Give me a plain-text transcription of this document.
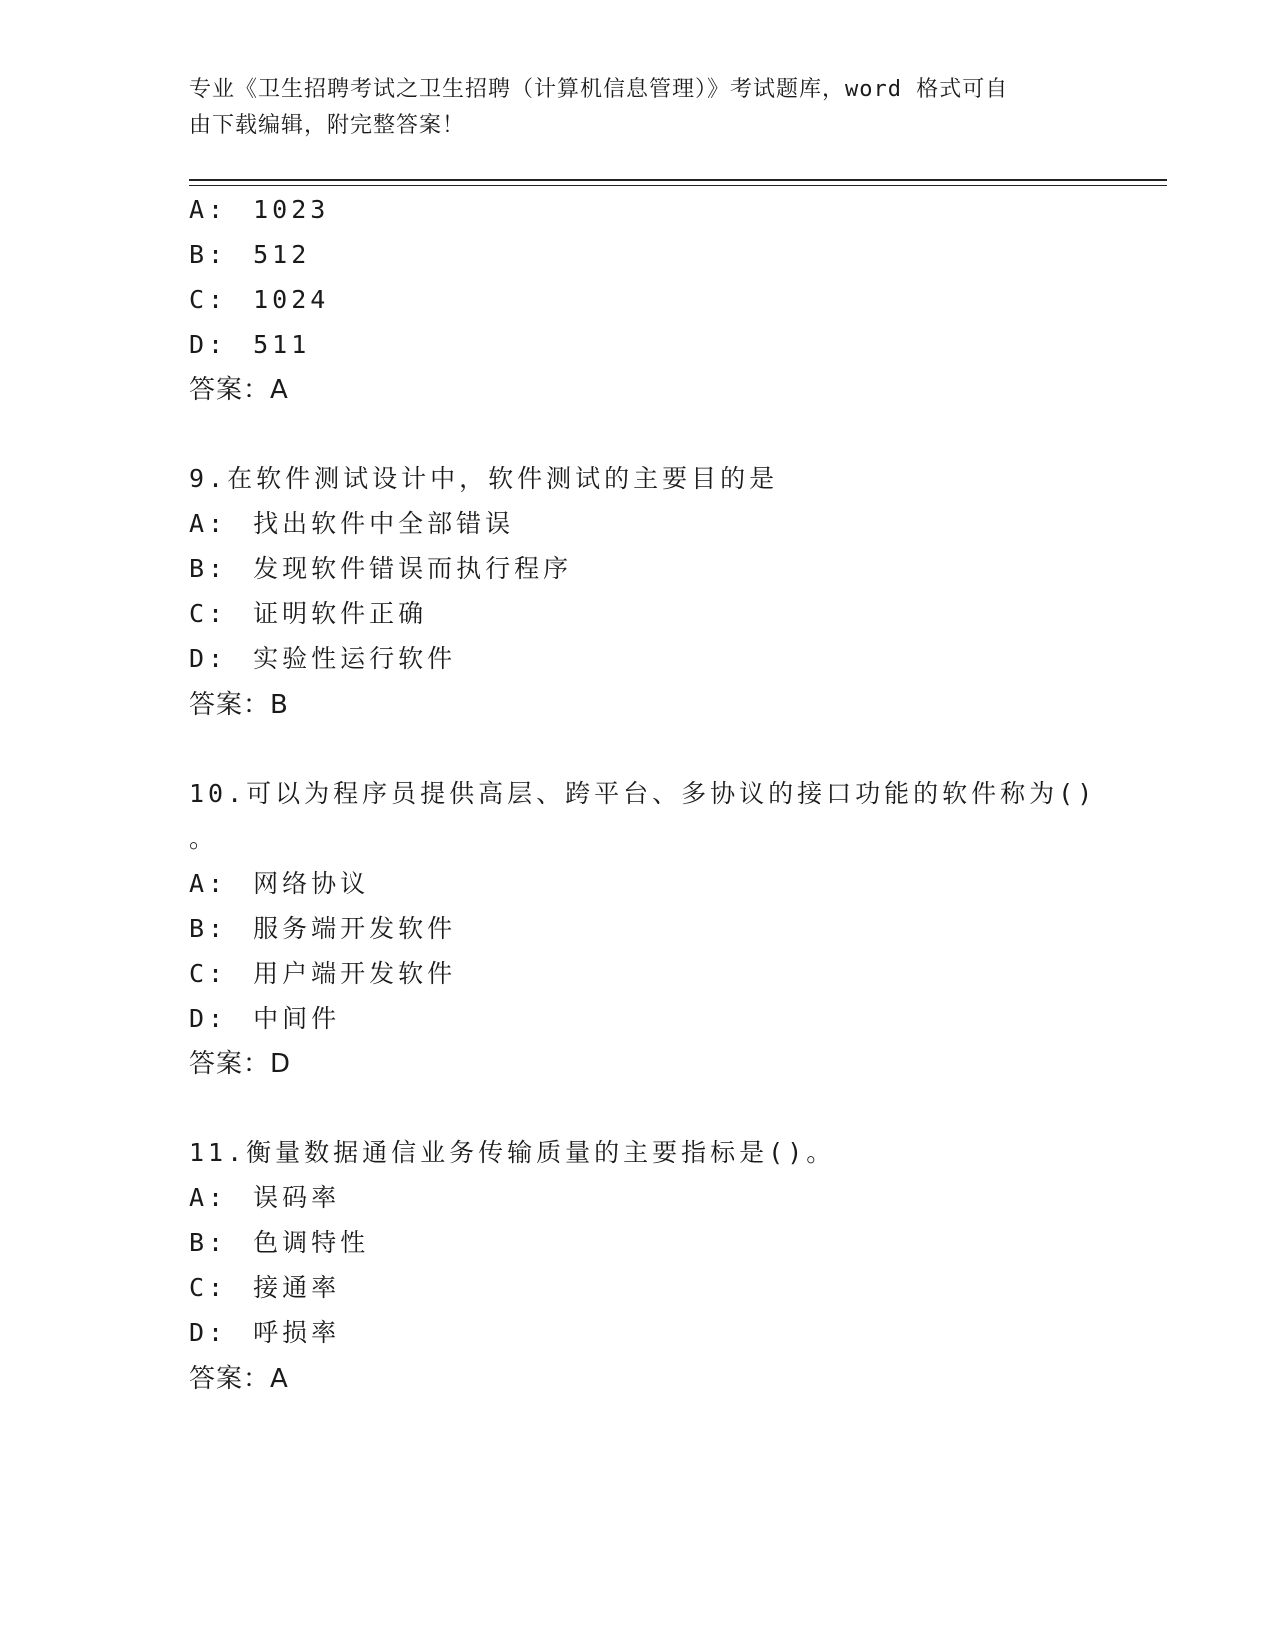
专业《卫生招聘考试之卫生招聘（计算机信息管理）》考试题库，word 格式可自
由下载编辑，附完整答案！
A: 1023
B: 512
C: 1024
D: 511
答案：A
9.在软件测试设计中，软件测试的主要目的是
A: 找出软件中全部错误
B: 发现软件错误而执行程序
C: 证明软件正确
D: 实验性运行软件
答案：B
10.可以为程序员提供高层、跨平台、多协议的接口功能的软件称为()
。
A: 网络协议
B: 服务端开发软件
C: 用户端开发软件
D: 中间件
答案：D
11.衡量数据通信业务传输质量的主要指标是()。
A: 误码率
B: 色调特性
C: 接通率
D: 呼损率
答案：A
